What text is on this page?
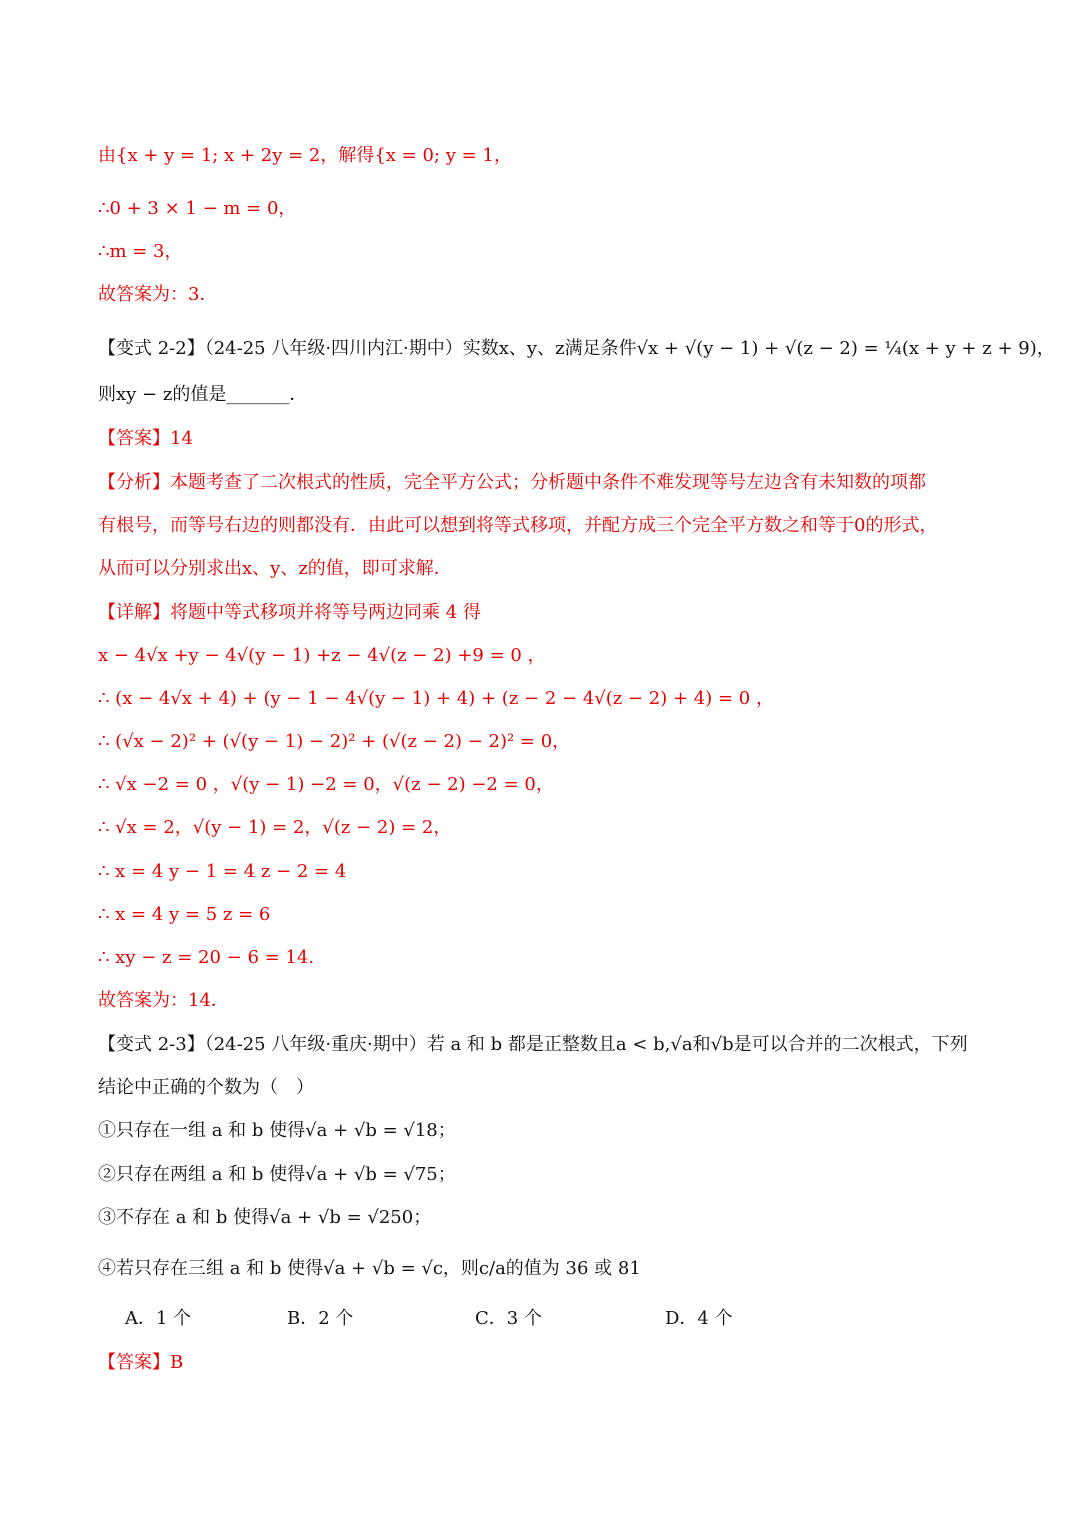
由{x + y = 1; x + 2y = 2，解得{x = 0; y = 1，
∴0 + 3 × 1 − m = 0，
∴m = 3，
故答案为：3．
【变式 2-2】（24-25 八年级·四川内江·期中）实数x、y、z满足条件√x + √(y − 1) + √(z − 2) = ¼(x + y + z + 9)，
则xy − z的值是_______．
【答案】14
【分析】本题考查了二次根式的性质，完全平方公式；分析题中条件不难发现等号左边含有未知数的项都
有根号，而等号右边的则都没有．由此可以想到将等式移项，并配方成三个完全平方数之和等于0的形式，
从而可以分别求出x、y、z的值，即可求解．
【详解】将题中等式移项并将等号两边同乘 4 得
x − 4√x +y − 4√(y − 1) +z − 4√(z − 2) +9 = 0 ，
∴ (x − 4√x + 4) + (y − 1 − 4√(y − 1) + 4) + (z − 2 − 4√(z − 2) + 4) = 0 ，
∴ (√x − 2)² + (√(y − 1) − 2)² + (√(z − 2) − 2)² = 0，
∴ √x −2 = 0 ，√(y − 1) −2 = 0，√(z − 2) −2 = 0，
∴ √x = 2，√(y − 1) = 2，√(z − 2) = 2，
∴ x = 4 y − 1 = 4 z − 2 = 4
∴ x = 4 y = 5 z = 6
∴ xy − z = 20 − 6 = 14.
故答案为：14．
【变式 2-3】（24-25 八年级·重庆·期中）若 a 和 b 都是正整数且a < b,√a和√b是可以合并的二次根式，下列
结论中正确的个数为（　）
①只存在一组 a 和 b 使得√a + √b = √18；
②只存在两组 a 和 b 使得√a + √b = √75；
③不存在 a 和 b 使得√a + √b = √250；
④若只存在三组 a 和 b 使得√a + √b = √c，则c/a的值为 36 或 81
A．1 个	B．2 个	C．3 个	D．4 个
【答案】B
